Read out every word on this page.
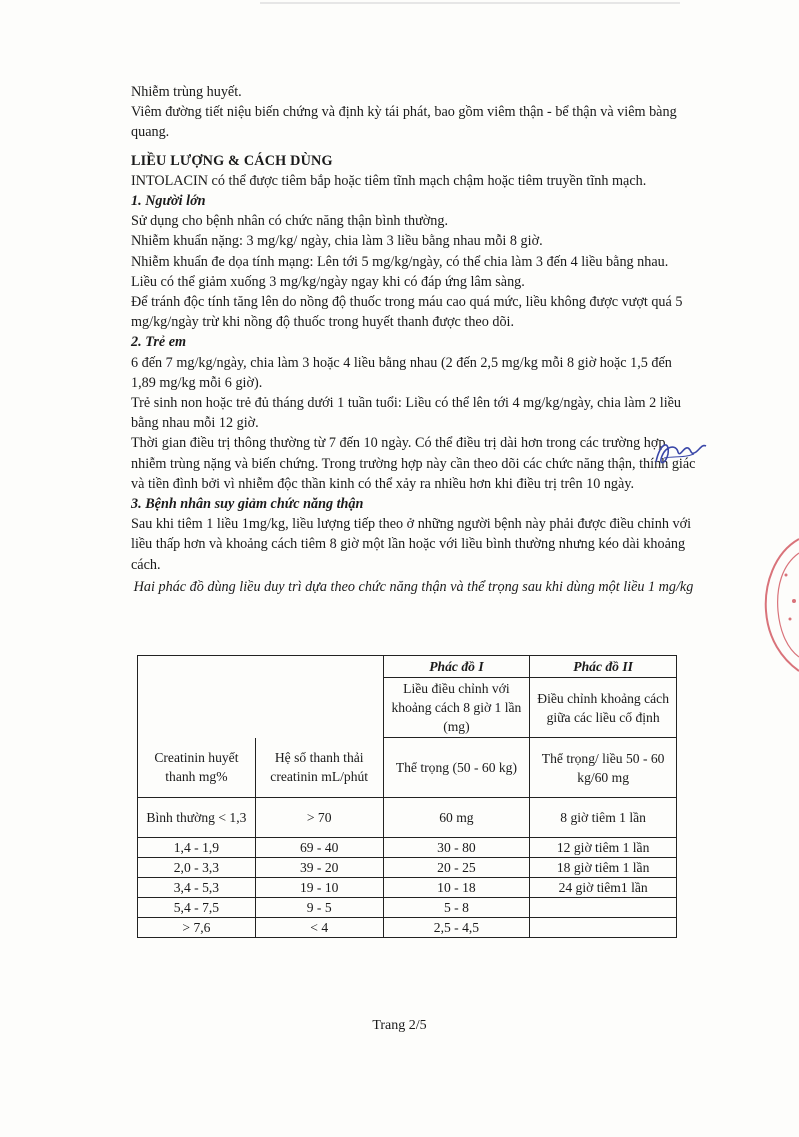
Nhiễm trùng huyết.

Viêm đường tiết niệu biến chứng và định kỳ tái phát, bao gồm viêm thận - bể thận và viêm bàng quang.

LIỀU LƯỢNG & CÁCH DÙNG

INTOLACIN có thể được tiêm bắp hoặc tiêm tĩnh mạch chậm hoặc tiêm truyền tĩnh mạch.

1. Người lớn

Sử dụng cho bệnh nhân có chức năng thận bình thường.

Nhiễm khuẩn nặng: 3 mg/kg/ ngày, chia làm 3 liều bằng nhau mỗi 8 giờ.

Nhiễm khuẩn đe dọa tính mạng: Lên tới 5 mg/kg/ngày, có thể chia làm 3 đến 4 liều bằng nhau.

Liều có thể giảm xuống 3 mg/kg/ngày ngay khi có đáp ứng lâm sàng.

Để tránh độc tính tăng lên do nồng độ thuốc trong máu cao quá mức, liều không được vượt quá 5 mg/kg/ngày trừ khi nồng độ thuốc trong huyết thanh được theo dõi.

2. Trẻ em

6 đến 7 mg/kg/ngày, chia làm 3 hoặc 4 liều bằng nhau (2 đến 2,5 mg/kg mỗi 8 giờ hoặc 1,5 đến 1,89 mg/kg mỗi 6 giờ).

Trẻ sinh non hoặc trẻ đủ tháng dưới 1 tuần tuổi: Liều có thể lên tới 4 mg/kg/ngày, chia làm 2 liều bằng nhau mỗi 12 giờ.

Thời gian điều trị thông thường từ 7 đến 10 ngày. Có thể điều trị dài hơn trong các trường hợp nhiễm trùng nặng và biến chứng. Trong trường hợp này cần theo dõi các chức năng thận, thính giác và tiền đình bởi vì nhiễm độc thần kinh có thể xảy ra nhiều hơn khi điều trị trên 10 ngày.

3. Bệnh nhân suy giảm chức năng thận

Sau khi tiêm 1 liều 1mg/kg, liều lượng tiếp theo ở những người bệnh này phải được điều chỉnh với liều thấp hơn và khoảng cách tiêm 8 giờ một lần hoặc với liều bình thường nhưng kéo dài khoảng cách.

Hai phác đồ dùng liều duy trì dựa theo chức năng thận và thể trọng sau khi dùng một liều 1 mg/kg

		Phác đồ I	Phác đồ II
		Liều điều chỉnh với khoảng cách 8 giờ 1 lần (mg)	Điều chỉnh khoảng cách giữa các liều cố định
Creatinin huyết thanh mg%	Hệ số thanh thải creatinin mL/phút	Thể trọng (50 - 60 kg)	Thể trọng/ liều 50 - 60 kg/60 mg
Bình thường < 1,3	> 70	60 mg	8 giờ tiêm 1 lần
1,4 - 1,9	69 - 40	30 - 80	12 giờ tiêm 1 lần
2,0 - 3,3	39 - 20	20 - 25	18 giờ tiêm 1 lần
3,4 - 5,3	19 - 10	10 - 18	24 giờ tiêm1 lần
5,4 - 7,5	9 - 5	5 - 8	
> 7,6	< 4	2,5 - 4,5	
Trang 2/5
